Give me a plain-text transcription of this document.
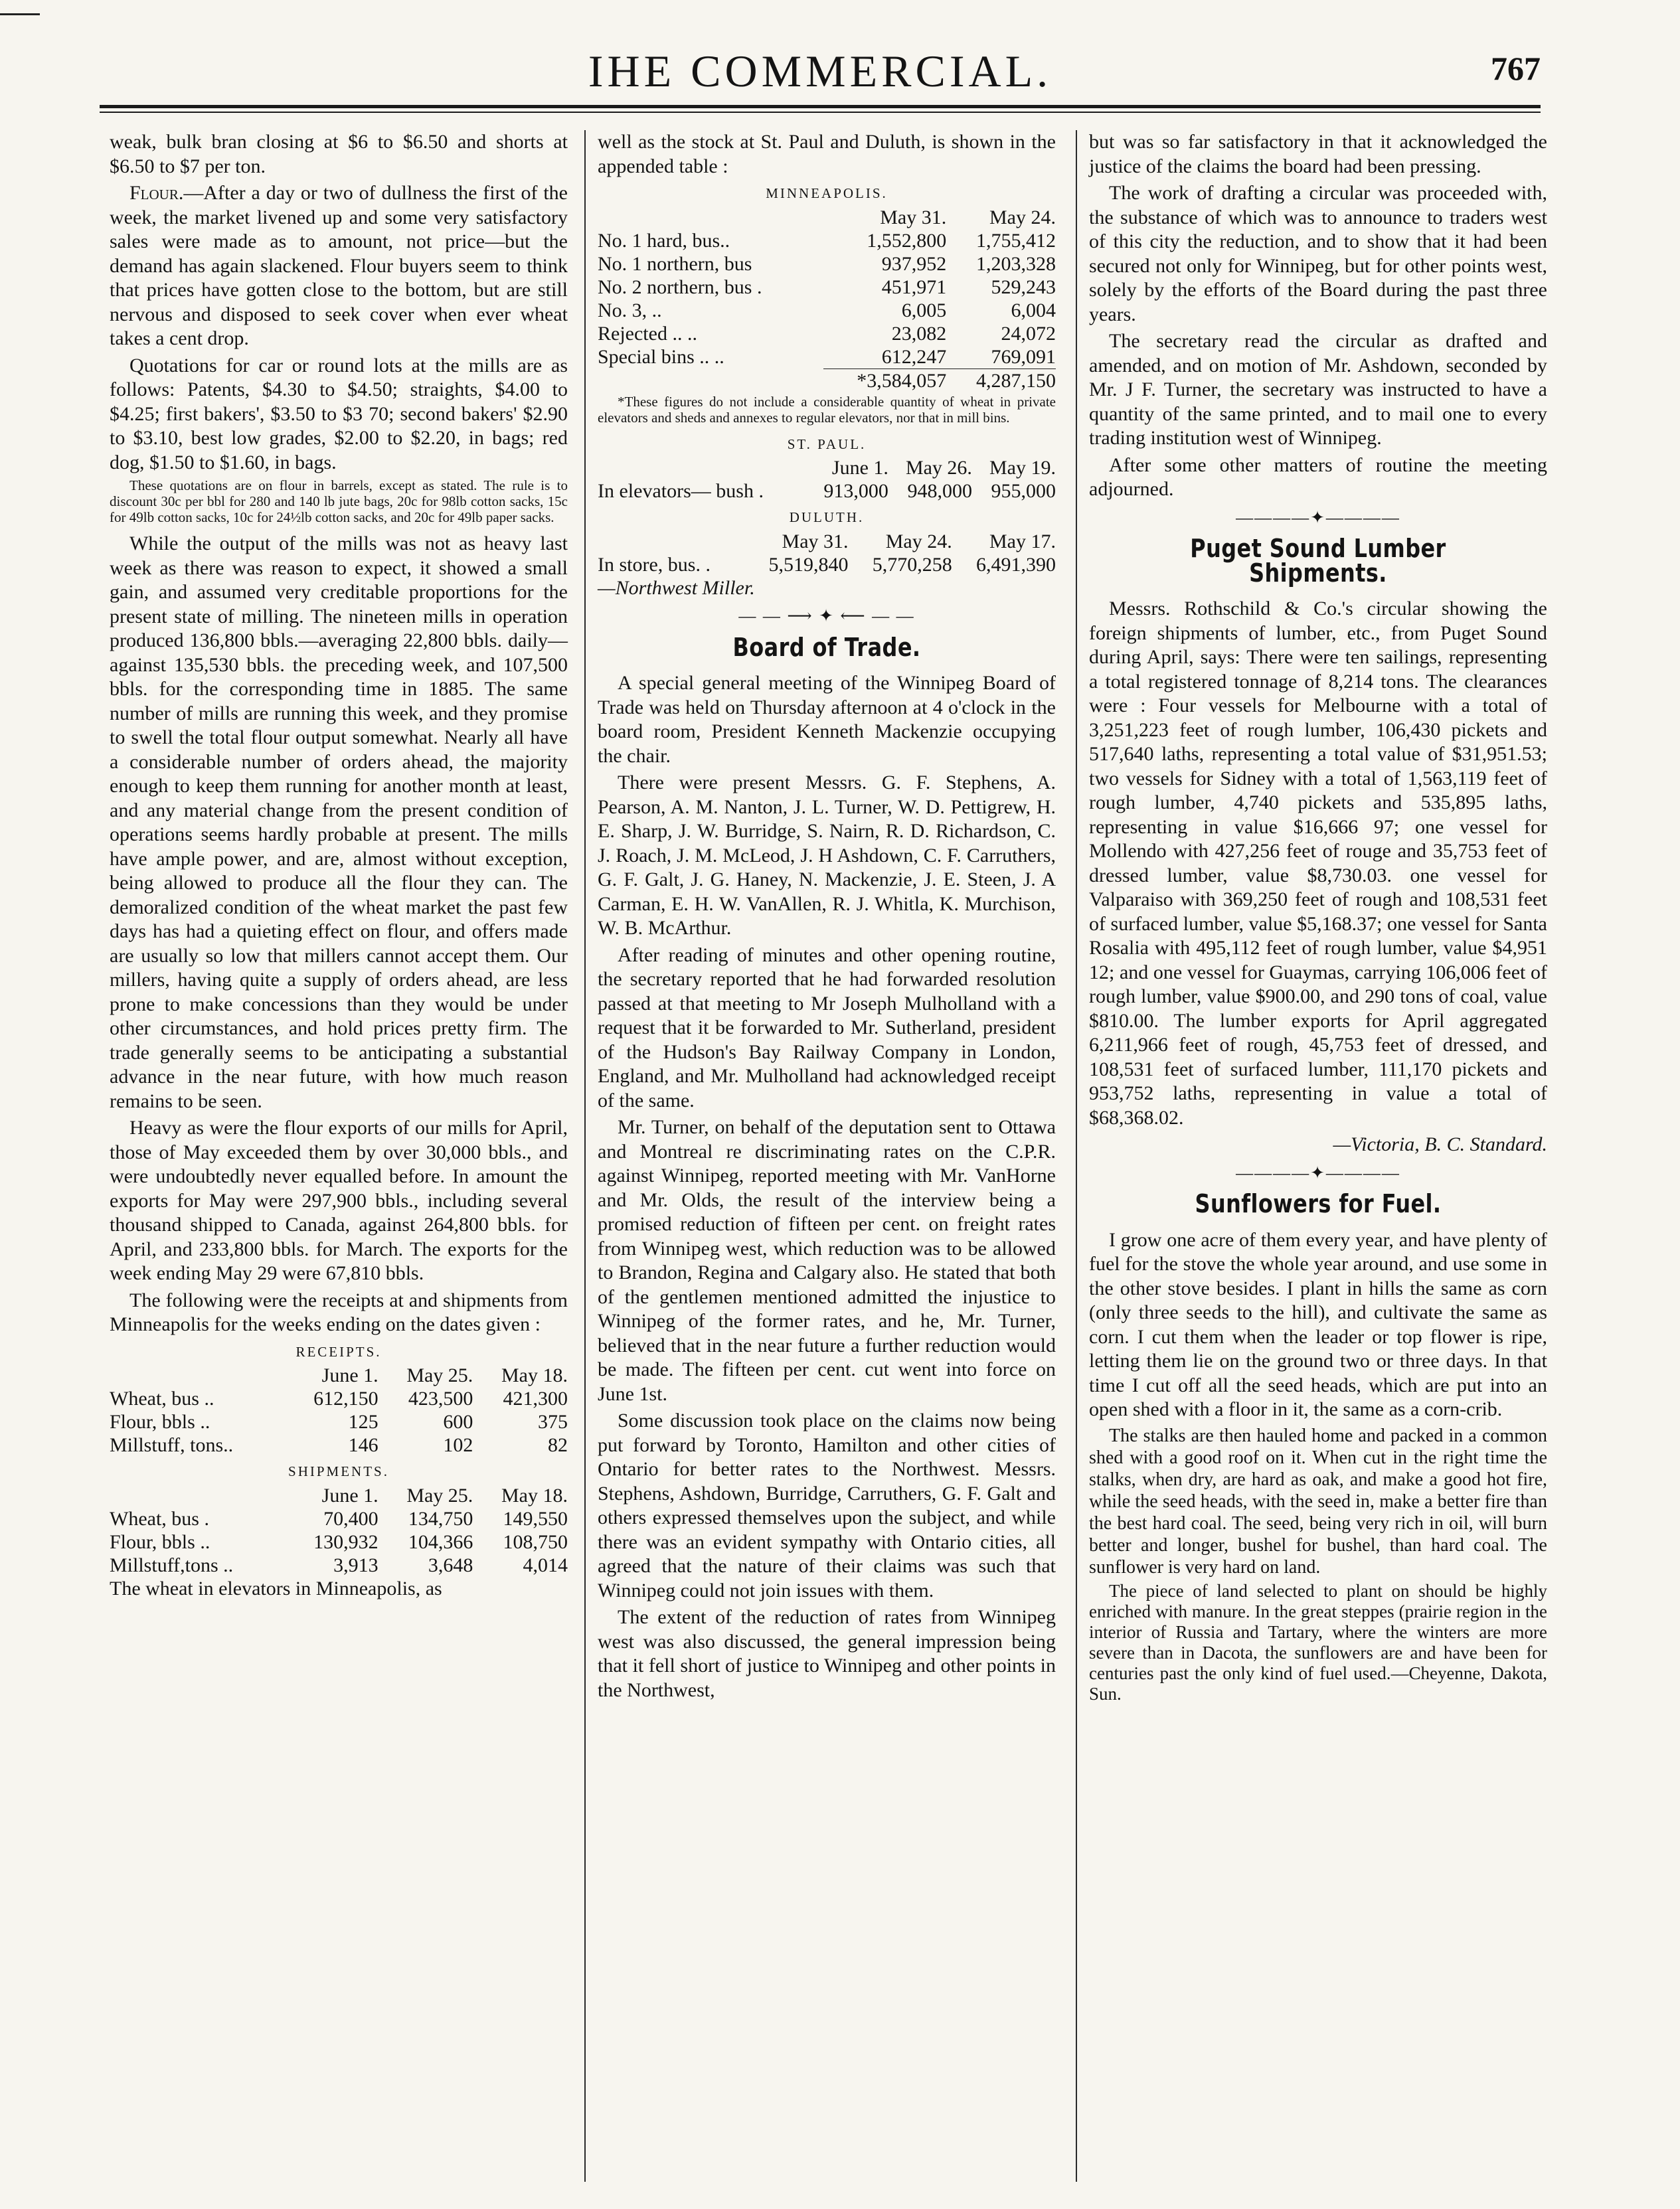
IHE COMMERCIAL.	767

weak, bulk bran closing at $6 to $6.50 and shorts at $6.50 to $7 per ton.

Flour.—After a day or two of dullness the first of the week, the market livened up and some very satisfactory sales were made as to amount, not price—but the demand has again slackened. Flour buyers seem to think that prices have gotten close to the bottom, but are still nervous and disposed to seek cover when ever wheat takes a cent drop.

Quotations for car or round lots at the mills are as follows: Patents, $4.30 to $4.50; straights, $4.00 to $4.25; first bakers', $3.50 to $3 70; second bakers' $2.90 to $3.10, best low grades, $2.00 to $2.20, in bags; red dog, $1.50 to $1.60, in bags.

These quotations are on flour in barrels, except as stated. The rule is to discount 30c per bbl for 280 and 140 lb jute bags, 20c for 98lb cotton sacks, 15c for 49lb cotton sacks, 10c for 24½lb cotton sacks, and 20c for 49lb paper sacks.

While the output of the mills was not as heavy last week as there was reason to expect, it showed a small gain, and assumed very creditable proportions for the present state of milling. The nineteen mills in operation produced 136,800 bbls.—averaging 22,800 bbls. daily—against 135,530 bbls. the preceding week, and 107,500 bbls. for the corresponding time in 1885. The same number of mills are running this week, and they promise to swell the total flour output somewhat. Nearly all have a considerable number of orders ahead, the majority enough to keep them running for another month at least, and any material change from the present condition of operations seems hardly probable at present. The mills have ample power, and are, almost without exception, being allowed to produce all the flour they can. The demoralized condition of the wheat market the past few days has had a quieting effect on flour, and offers made are usually so low that millers cannot accept them. Our millers, having quite a supply of orders ahead, are less prone to make concessions than they would be under other circumstances, and hold prices pretty firm. The trade generally seems to be anticipating a substantial advance in the near future, with how much reason remains to be seen.

Heavy as were the flour exports of our mills for April, those of May exceeded them by over 30,000 bbls., and were undoubtedly never equalled before. In amount the exports for May were 297,900 bbls., including several thousand shipped to Canada, against 264,800 bbls. for April, and 233,800 bbls. for March. The exports for the week ending May 29 were 67,810 bbls.

The following were the receipts at and shipments from Minneapolis for the weeks ending on the dates given :

RECEIPTS.
	June 1.	May 25.	May 18.
Wheat, bus ..	612,150	423,500	421,300
Flour, bbls ..	125	600	375
Millstuff, tons..	146	102	82
SHIPMENTS.
	June 1.	May 25.	May 18.
Wheat, bus .	70,400	134,750	149,550
Flour, bbls ..	130,932	104,366	108,750
Millstuff,tons ..	3,913	3,648	4,014

The wheat in elevators in Minneapolis, as

well as the stock at St. Paul and Duluth, is shown in the appended table :

MINNEAPOLIS.
	May 31.	May 24.
No. 1 hard, bus..	1,552,800	1,755,412
No. 1 northern, bus	937,952	1,203,328
No. 2 northern, bus .	451,971	529,243
No. 3, ..	6,005	6,004
Rejected .. ..	23,082	24,072
Special bins .. ..	612,247	769,091
	*3,584,057	4,287,150

*These figures do not include a considerable quantity of wheat in private elevators and sheds and annexes to regular elevators, nor that in mill bins.

ST. PAUL.
	June 1.	May 26.	May 19.
In elevators— bush .	913,000	948,000	955,000
DULUTH.
	May 31.	May 24.	May 17.
In store, bus. .	5,519,840	5,770,258	6,491,390

—Northwest Miller.

— — ⟶ ✦ ⟵ — —
Board of Trade.

A special general meeting of the Winnipeg Board of Trade was held on Thursday afternoon at 4 o'clock in the board room, President Kenneth Mackenzie occupying the chair.

There were present Messrs. G. F. Stephens, A. Pearson, A. M. Nanton, J. L. Turner, W. D. Pettigrew, H. E. Sharp, J. W. Burridge, S. Nairn, R. D. Richardson, C. J. Roach, J. M. McLeod, J. H Ashdown, C. F. Carruthers, G. F. Galt, J. G. Haney, N. Mackenzie, J. E. Steen, J. A Carman, E. H. W. VanAllen, R. J. Whitla, K. Murchison, W. B. McArthur.

After reading of minutes and other opening routine, the secretary reported that he had forwarded resolution passed at that meeting to Mr Joseph Mulholland with a request that it be forwarded to Mr. Sutherland, president of the Hudson's Bay Railway Company in London, England, and Mr. Mulholland had acknowledged receipt of the same.

Mr. Turner, on behalf of the deputation sent to Ottawa and Montreal re discriminating rates on the C.P.R. against Winnipeg, reported meeting with Mr. VanHorne and Mr. Olds, the result of the interview being a promised reduction of fifteen per cent. on freight rates from Winnipeg west, which reduction was to be allowed to Brandon, Regina and Calgary also. He stated that both of the gentlemen mentioned admitted the injustice to Winnipeg of the former rates, and he, Mr. Turner, believed that in the near future a further reduction would be made. The fifteen per cent. cut went into force on June 1st.

Some discussion took place on the claims now being put forward by Toronto, Hamilton and other cities of Ontario for better rates to the Northwest. Messrs. Stephens, Ashdown, Burridge, Carruthers, G. F. Galt and others expressed themselves upon the subject, and while there was an evident sympathy with Ontario cities, all agreed that the nature of their claims was such that Winnipeg could not join issues with them.

The extent of the reduction of rates from Winnipeg west was also discussed, the general impression being that it fell short of justice to Winnipeg and other points in the Northwest,

but was so far satisfactory in that it acknowledged the justice of the claims the board had been pressing.

The work of drafting a circular was proceeded with, the substance of which was to announce to traders west of this city the reduction, and to show that it had been secured not only for Winnipeg, but for other points west, solely by the efforts of the Board during the past three years.

The secretary read the circular as drafted and amended, and on motion of Mr. Ashdown, seconded by Mr. J F. Turner, the secretary was instructed to have a quantity of the same printed, and to mail one to every trading institution west of Winnipeg.

After some other matters of routine the meeting adjourned.

————✦————
Puget Sound Lumber Shipments.

Messrs. Rothschild & Co.'s circular showing the foreign shipments of lumber, etc., from Puget Sound during April, says: There were ten sailings, representing a total registered tonnage of 8,214 tons. The clearances were : Four vessels for Melbourne with a total of 3,251,223 feet of rough lumber, 106,430 pickets and 517,640 laths, representing a total value of $31,951.53; two vessels for Sidney with a total of 1,563,119 feet of rough lumber, 4,740 pickets and 535,895 laths, representing in value $16,666 97; one vessel for Mollendo with 427,256 feet of rouge and 35,753 feet of dressed lumber, value $8,730.03. one vessel for Valparaiso with 369,250 feet of rough and 108,531 feet of surfaced lumber, value $5,168.37; one vessel for Santa Rosalia with 495,112 feet of rough lumber, value $4,951 12; and one vessel for Guaymas, carrying 106,006 feet of rough lumber, value $900.00, and 290 tons of coal, value $810.00. The lumber exports for April aggregated 6,211,966 feet of rough, 45,753 feet of dressed, and 108,531 feet of surfaced lumber, 111,170 pickets and 953,752 laths, representing in value a total of $68,368.02.

—Victoria, B. C. Standard.

————✦————
Sunflowers for Fuel.

I grow one acre of them every year, and have plenty of fuel for the stove the whole year around, and use some in the other stove besides. I plant in hills the same as corn (only three seeds to the hill), and cultivate the same as corn. I cut them when the leader or top flower is ripe, letting them lie on the ground two or three days. In that time I cut off all the seed heads, which are put into an open shed with a floor in it, the same as a corn-crib.

The stalks are then hauled home and packed in a common shed with a good roof on it. When cut in the right time the stalks, when dry, are hard as oak, and make a good hot fire, while the seed heads, with the seed in, make a better fire than the best hard coal. The seed, being very rich in oil, will burn better and longer, bushel for bushel, than hard coal. The sunflower is very hard on land.

The piece of land selected to plant on should be highly enriched with manure. In the great steppes (prairie region in the interior of Russia and Tartary, where the winters are more severe than in Dacota, the sunflowers are and have been for centuries past the only kind of fuel used.—Cheyenne, Dakota, Sun.
